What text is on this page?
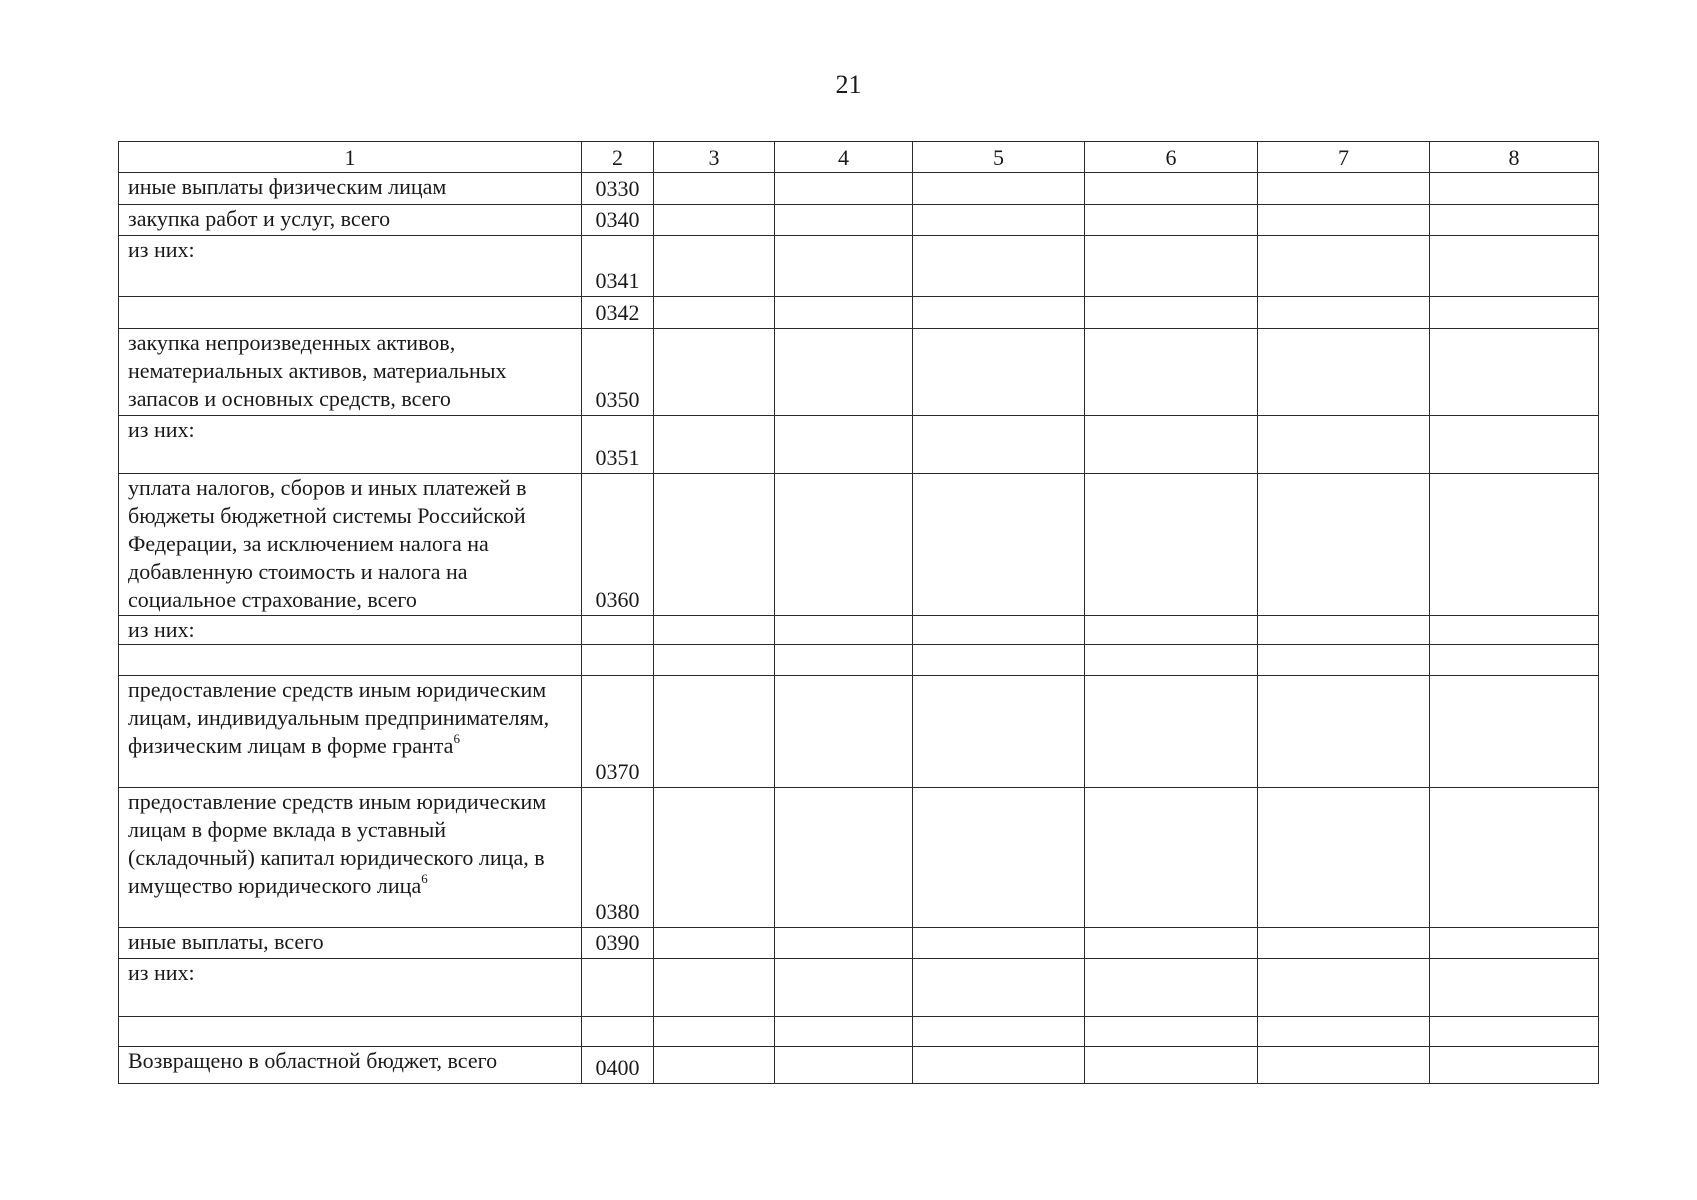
21
1	2	3	4	5	6	7	8
иные выплаты физическим лицам	0330						
закупка работ и услуг, всего	0340						
из них:	0341						
	0342						
закупка непроизведенных активов, нематериальных активов, материальных запасов и основных средств, всего	0350						
из них:	0351						
уплата налогов, сборов и иных платежей в бюджеты бюджетной системы Российской Федерации, за исключением налога на добавленную стоимость и налога на социальное страхование, всего	0360						
из них:							

предоставление средств иным юридическим лицам, индивидуальным предпринимателям, физическим лицам в форме гранта$^6$	0370						
предоставление средств иным юридическим лицам в форме вклада в уставный (складочный) капитал юридического лица, в имущество юридического лица$^6$	0380						
иные выплаты, всего	0390						
из них:							

Возвращено в областной бюджет, всего	0400						
